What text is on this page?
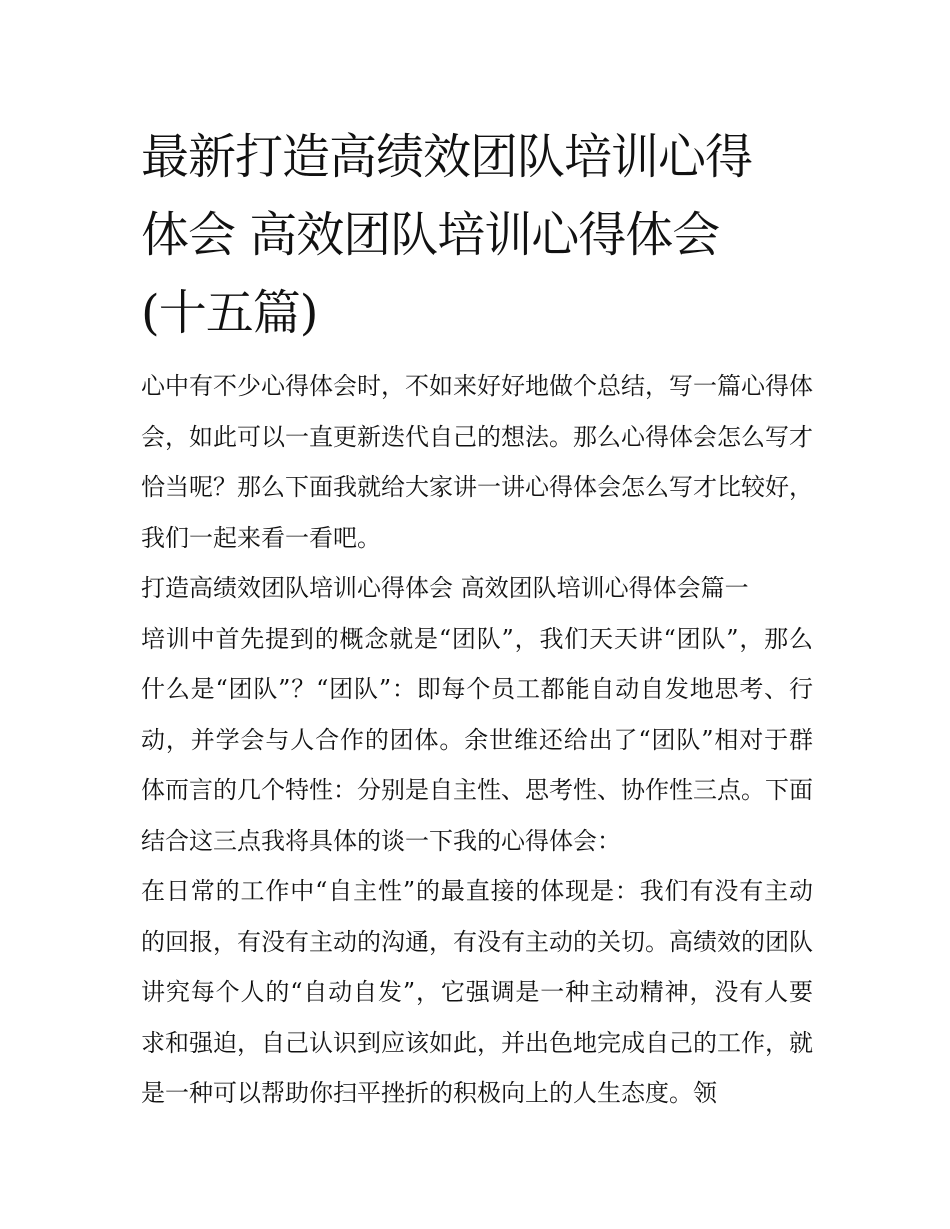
最新打造高绩效团队培训心得
体会 高效团队培训心得体会
(十五篇)

心中有不少心得体会时，不如来好好地做个总结，写一篇心得体会，如此可以一直更新迭代自己的想法。那么心得体会怎么写才恰当呢？那么下面我就给大家讲一讲心得体会怎么写才比较好，我们一起来看一看吧。

打造高绩效团队培训心得体会 高效团队培训心得体会篇一

培训中首先提到的概念就是“团队”，我们天天讲“团队”，那么什么是“团队”？“团队”：即每个员工都能自动自发地思考、行动，并学会与人合作的团体。余世维还给出了“团队”相对于群体而言的几个特性：分别是自主性、思考性、协作性三点。下面结合这三点我将具体的谈一下我的心得体会：

在日常的工作中“自主性”的最直接的体现是：我们有没有主动的回报，有没有主动的沟通，有没有主动的关切。高绩效的团队讲究每个人的“自动自发”，它强调是一种主动精神，没有人要求和强迫，自己认识到应该如此，并出色地完成自己的工作，就是一种可以帮助你扫平挫折的积极向上的人生态度。领
